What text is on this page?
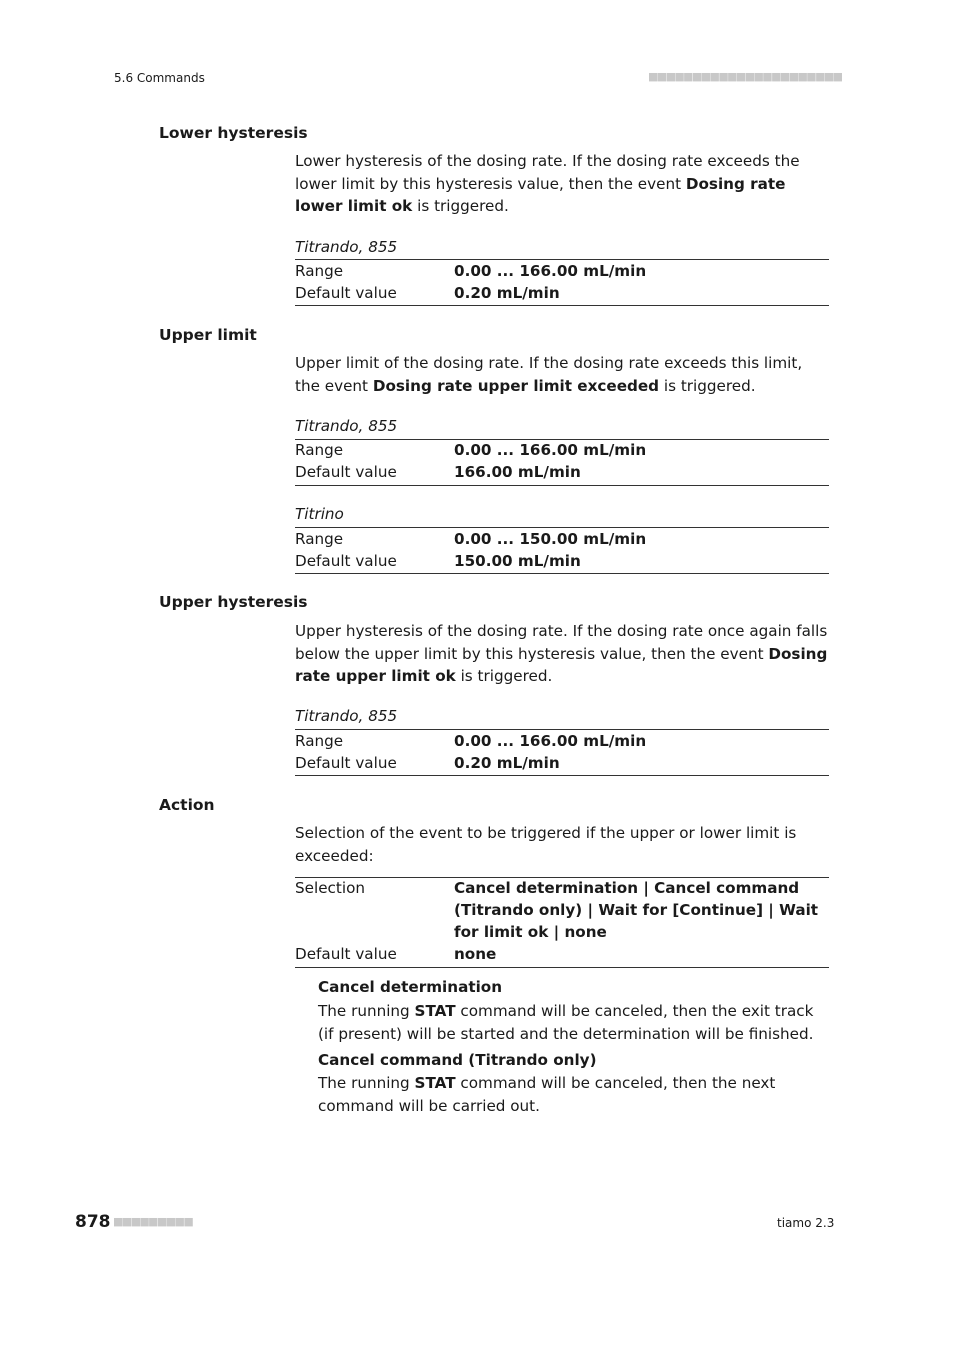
5.6 Commands	■■■■■■■■■■■■■■■■■■■■■■
Lower hysteresis
Lower hysteresis of the dosing rate. If the dosing rate exceeds the lower limit by this hysteresis value, then the event Dosing rate lower limit ok is triggered.
Titrando, 855
Range	0.00 ... 166.00 mL/min
Default value	0.20 mL/min
Upper limit
Upper limit of the dosing rate. If the dosing rate exceeds this limit, the event Dosing rate upper limit exceeded is triggered.
Titrando, 855
Range	0.00 ... 166.00 mL/min
Default value	166.00 mL/min
Titrino
Range	0.00 ... 150.00 mL/min
Default value	150.00 mL/min
Upper hysteresis
Upper hysteresis of the dosing rate. If the dosing rate once again falls below the upper limit by this hysteresis value, then the event Dosing rate upper limit ok is triggered.
Titrando, 855
Range	0.00 ... 166.00 mL/min
Default value	0.20 mL/min
Action
Selection of the event to be triggered if the upper or lower limit is exceeded:
Selection	Cancel determination | Cancel command (Titrando only) | Wait for [Continue] | Wait for limit ok | none
Default value	none
Cancel determination
The running STAT command will be canceled, then the exit track (if present) will be started and the determination will be finished.
Cancel command (Titrando only)
The running STAT command will be canceled, then the next command will be carried out.
878 ■■■■■■■■■	tiamo 2.3
